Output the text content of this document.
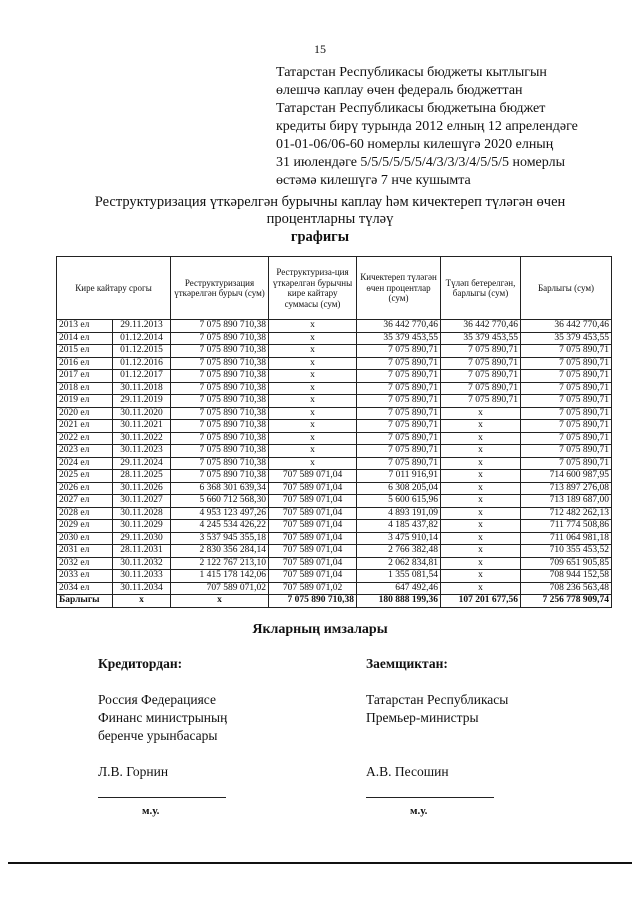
15
Татарстан Республикасы бюджеты кытлыгын
өлешчә каплау өчен федераль бюджеттан
Татарстан Республикасы бюджетына бюджет
кредиты бирү турында 2012 елның 12 апрелендәге
01-01-06/06-60 номерлы килешүгә 2020 елның
31 июлендәге 5/5/5/5/5/5/4/3/3/3/4/5/5/5 номерлы
өстәмә килешүгә 7 нче кушымта
Реструктуризация үткәрелгән бурычны каплау һәм кичектереп түләгән өчен
процентларны түләү
графигы
Кире кайтару срогы		Реструктуризация үткәрелгән бурыч (сум)	Реструктуриза-ция үткәрелгән бурычны кире кайтару суммасы (сум)	Кичектереп түләгән өчен процентлар (сум)	Түләп бетерелгән, барлыгы (сум)	Барлыгы (сум)
2013 ел	29.11.2013	7 075 890 710,38	x	36 442 770,46	36 442 770,46	36 442 770,46
2014 ел	01.12.2014	7 075 890 710,38	x	35 379 453,55	35 379 453,55	35 379 453,55
2015 ел	01.12.2015	7 075 890 710,38	x	7 075 890,71	7 075 890,71	7 075 890,71
2016 ел	01.12.2016	7 075 890 710,38	x	7 075 890,71	7 075 890,71	7 075 890,71
2017 ел	01.12.2017	7 075 890 710,38	x	7 075 890,71	7 075 890,71	7 075 890,71
2018 ел	30.11.2018	7 075 890 710,38	x	7 075 890,71	7 075 890,71	7 075 890,71
2019 ел	29.11.2019	7 075 890 710,38	x	7 075 890,71	7 075 890,71	7 075 890,71
2020 ел	30.11.2020	7 075 890 710,38	x	7 075 890,71	x	7 075 890,71
2021 ел	30.11.2021	7 075 890 710,38	x	7 075 890,71	x	7 075 890,71
2022 ел	30.11.2022	7 075 890 710,38	x	7 075 890,71	x	7 075 890,71
2023 ел	30.11.2023	7 075 890 710,38	x	7 075 890,71	x	7 075 890,71
2024 ел	29.11.2024	7 075 890 710,38	x	7 075 890,71	x	7 075 890,71
2025 ел	28.11.2025	7 075 890 710,38	707 589 071,04	7 011 916,91	x	714 600 987,95
2026 ел	30.11.2026	6 368 301 639,34	707 589 071,04	6 308 205,04	x	713 897 276,08
2027 ел	30.11.2027	5 660 712 568,30	707 589 071,04	5 600 615,96	x	713 189 687,00
2028 ел	30.11.2028	4 953 123 497,26	707 589 071,04	4 893 191,09	x	712 482 262,13
2029 ел	30.11.2029	4 245 534 426,22	707 589 071,04	4 185 437,82	x	711 774 508,86
2030 ел	29.11.2030	3 537 945 355,18	707 589 071,04	3 475 910,14	x	711 064 981,18
2031 ел	28.11.2031	2 830 356 284,14	707 589 071,04	2 766 382,48	x	710 355 453,52
2032 ел	30.11.2032	2 122 767 213,10	707 589 071,04	2 062 834,81	x	709 651 905,85
2033 ел	30.11.2033	1 415 178 142,06	707 589 071,04	1 355 081,54	x	708 944 152,58
2034 ел	30.11.2034	707 589 071,02	707 589 071,02	647 492,46	x	708 236 563,48
Барлыгы	x	x	7 075 890 710,38	180 888 199,36	107 201 677,56	7 256 778 909,74
Якларның имзалары
Кредитордан:
Россия Федерациясе
Финанс министрыныӊ
беренче урынбасары
Л.В. Горнин
м.у.
Заемщиктан:
Татарстан Республикасы
Премьер-министры

А.В. Песошин
м.у.
